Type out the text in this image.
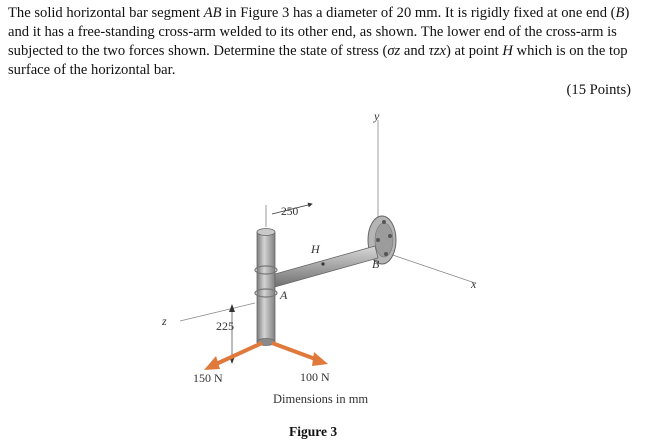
The solid horizontal bar segment AB in Figure 3 has a diameter of 20 mm. It is rigidly fixed at one end (B) and it has a free-standing cross-arm welded to its other end, as shown. The lower end of the cross-arm is subjected to the two forces shown. Determine the state of stress (σz and τzx) at point H which is on the top surface of the horizontal bar.

(15 Points)
y
x
z
250
225
H
A
B
150 N	100 N
Dimensions in mm
Figure 3
